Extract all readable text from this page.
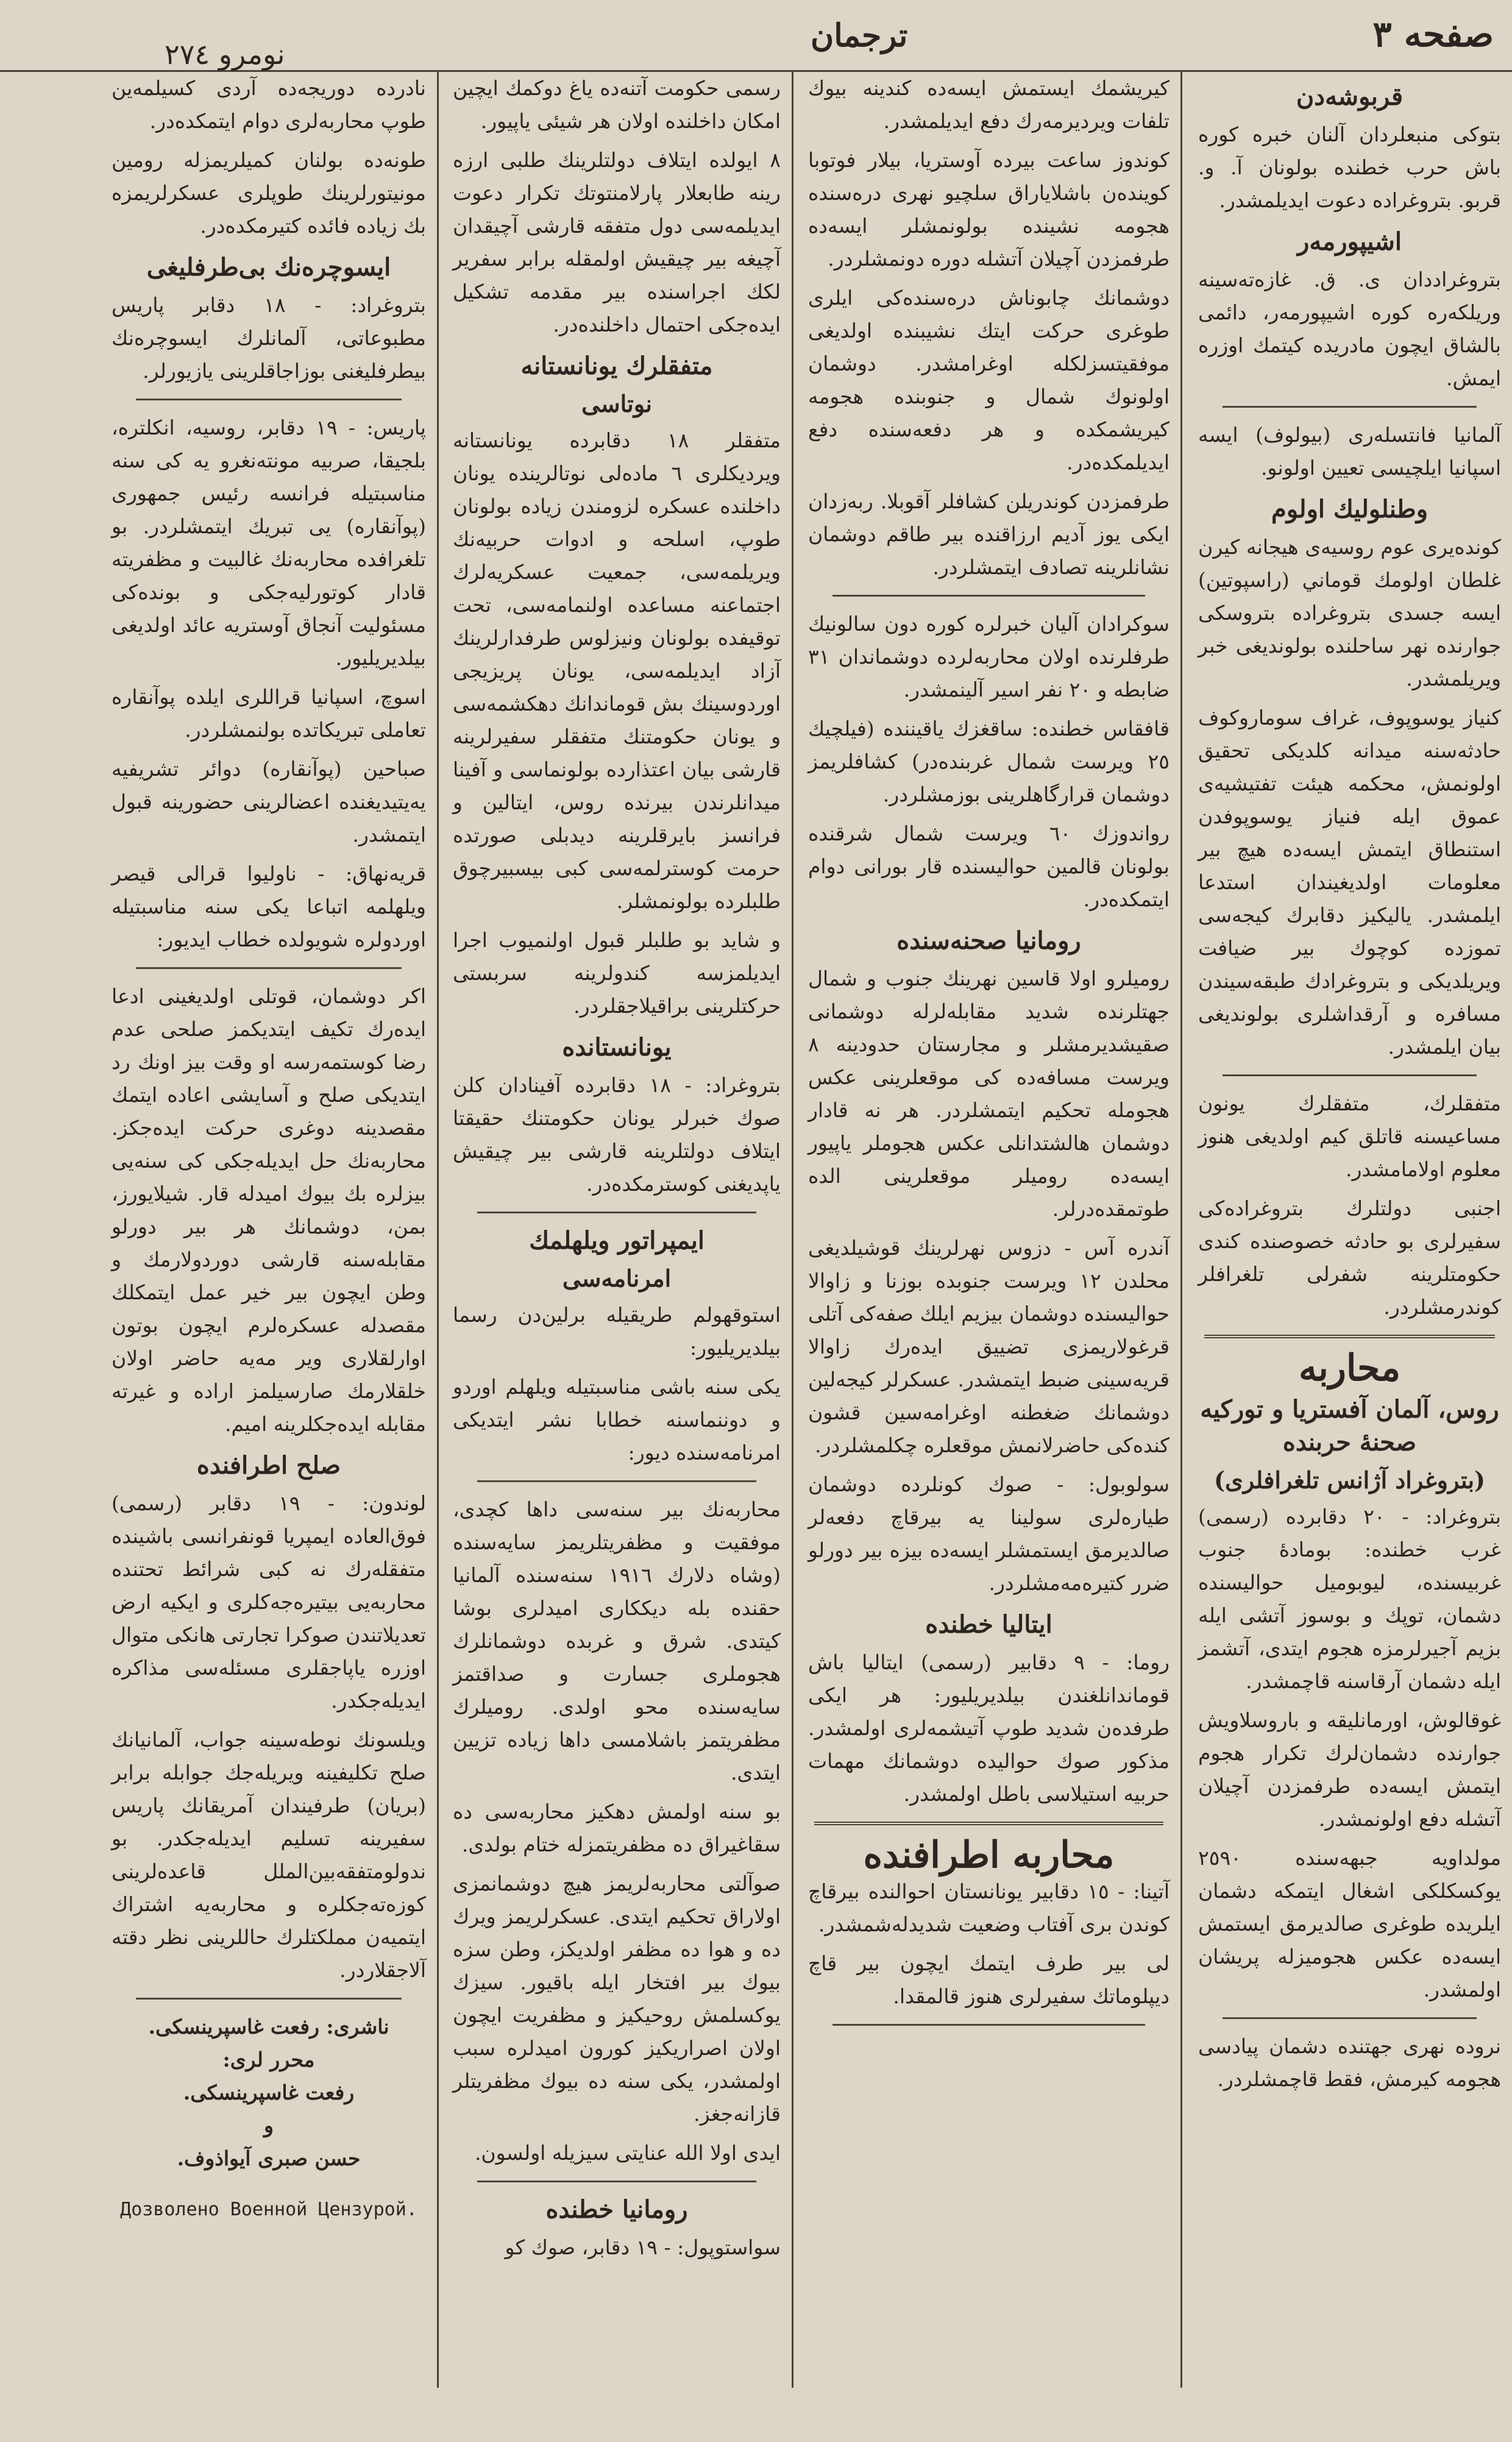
صفحه ٣
ترجمان
نومرو ٢٧٤
قربوشه‌دن

بتوكى منبعلردان آلنان خبره كوره باش حرب خطنده بولونان آ. و. قربو. بتروغراده دعوت ايديلمشدر.

اشيپورمه‌ر

بتروغراددان ى. ق. غازه‌ته‌سينه وريلكه‌ره كوره اشيپورمه‌ر، دائمى بالشاق ايچون مادريده كيتمك اوزره ايمش.

آلمانيا فانتسله‌رى (بيولوف) ايسه اسپانيا ايلچيسى تعيين اولونو.

وطنلوليك اولوم

كونده‌يرى عوم روسيه‌ى هيجانه كيرن غلطان اولومك قوماني (راسپوتين) ايسه جسدى بتروغراده بتروسكى جوارنده نهر ساحلنده بولونديغى خبر ويريلمشدر.

كنياز يوسوپوف، غراف سوماروكوف حادثه‌سنه ميدانه كلديكى تحقيق اولونمش، محكمه هيئت تفتيشيه‌ى عموق ايله فنياز يوسوپوفدن استنطاق ايتمش ايسه‌ده هيچ بير معلومات اولديغيندان استدعا ايلمشدر. ياليكيز دقابرك كيجه‌سى تموزده كوچوك بير ضيافت ويريلديكى و بتروغرادك طبقه‌سيندن مسافره و آرقداشلرى بولونديغى بيان ايلمشدر.

متفقلرك، متفقلرك يونون مساعيسنه قاتلق كيم اولديغى هنوز معلوم اولامامشدر.

اجنبى دولتلرك بتروغراده‌كى سفيرلرى بو حادثه خصوصنده كندى حكومتلرينه شفرلى تلغرافلر كوندرمشلردر.

محاربه
روس، آلمان آفستريا و توركيه صحنهٔ حربنده
(بتروغراد آژانس تلغرافلرى)

بتروغراد: - ٢٠ دقابرده (رسمى) غرب خطنده: بومادهٔ جنوب غربيسنده، ليوبوميل حواليسنده دشمان، توپك و بوسوز آتشى ايله بزيم آجيرلرمزه هجوم ايتدى، آتشمز ايله دشمان آرقاسنه قاچمشدر.

غوقالوش، اورمانليقه و باروسلاويش جوارنده دشمان‌لرك تكرار هجوم ايتمش ايسه‌ده طرفمزدن آچيلان آتشله دفع اولونمشدر.

مولداويه جبهه‌سنده ٢٥٩٠ يوكسكلكى اشغال ايتمكه دشمان ايلريده طوغرى صالديرمق ايستمش ايسه‌ده عكس هجوميزله پريشان اولمشدر.

نروده نهرى جهتنده دشمان پيادسى هجومه كيرمش، فقط قاچمشلردر.

كيريشمك ايستمش ايسه‌ده كندينه بيوك تلفات ويرديرمه‌رك دفع ايديلمشدر.

كوندوز ساعت بيرده آوستريا، بيلار فوتوبا كوينده‌ن باشلاياراق سلچيو نهرى دره‌سنده هجومه نشينده بولونمشلر ايسه‌ده طرفمزدن آچيلان آتشله دوره دونمشلردر.

دوشمانك چابوناش دره‌سنده‌كى ايلرى طوغرى حركت ايتك نشيبنده اولديغى موفقيتسزلكله اوغرامشدر. دوشمان اولونوك شمال و جنوبنده هجومه كيريشمكده و هر دفعه‌سنده دفع ايديلمكده‌در.

طرفمزدن كوندريلن كشافلر آقوبلا. ربه‌زدان ايكى يوز آديم ارزاقنده بير طاقم دوشمان نشانلرينه تصادف ايتمشلردر.

سوكرادان آليان خبرلره كوره دون سالونيك طرفلرنده اولان محاربه‌لرده دوشماندان ٣١ ضابطه و ٢٠ نفر اسير آلينمشدر.

قافقاس خطنده: ساقغزك ياقيننده (فيلچيك ٢٥ ويرست شمال غربنده‌در) كشافلريمز دوشمان قرارگاهلرينى بوزمشلردر.

رواندوزك ٦٠ ويرست شمال شرقنده بولونان قالمين حواليسنده قار بورانى دوام ايتمكده‌در.

رومانيا صحنه‌سنده

روميلرو اولا قاسين نهرينك جنوب و شمال جهتلرنده شديد مقابله‌لرله دوشمانى صقيشديرمشلر و مجارستان حدودينه ٨ ويرست مسافه‌ده كى موقعلرينى عكس هجومله تحكيم ايتمشلردر. هر نه قادار دوشمان هالشتدانلى عكس هجوملر ياپيور ايسه‌ده روميلر موقعلرينى الده طوتمقده‌درلر.

آندره آس - دزوس نهرلرينك قوشيلديغى محلدن ١٢ ويرست جنوبده بوزنا و زاوالا حواليسنده دوشمان بيزيم ايلك صفه‌كى آتلى قرغولاريمزى تضييق ايده‌رك زاوالا قريه‌سينى ضبط ايتمشدر. عسكرلر كيجه‌لين دوشمانك ضغطنه اوغرامه‌سين قشون كنده‌كى حاضرلانمش موقعلره چكلمشلردر.

سولوبول: - صوك كونلرده دوشمان طياره‌لرى سولينا يه بيرقاچ دفعه‌لر صالديرمق ايستمشلر ايسه‌ده بيزه بير دورلو ضرر كتيره‌مه‌مشلردر.

ايتاليا خطنده

روما: - ٩ دقابير (رسمى) ايتاليا باش قوماندانلغندن بيلديريليور: هر ايكى طرفده‌ن شديد طوپ آتيشمه‌لرى اولمشدر. مذكور صوك حواليده دوشمانك مهمات حربيه استيلاسى باطل اولمشدر.

محاربه اطرافنده

آتينا: - ١٥ دقابير يونانستان احوالنده بيرقاچ كوندن برى آفتاب وضعيت شديدله‌شمشدر.

لى بير طرف ايتمك ايچون بير قاچ ديپلوماتك سفيرلرى هنوز قالمقدا.

رسمى حكومت آتنه‌ده ياغ دوكمك ايچين امكان داخلنده اولان هر شيئى ياپيور.

٨ ايولده ايتلاف دولتلرينك طلبى ارزه رينه طابعلار پارلامنتوتك تكرار دعوت ايديلمه‌سى دول متفقه قارشى آچيقدان آچيغه بير چيقيش اولمقله برابر سفرير لكك اجراسنده بير مقدمه تشكيل ايده‌جكى احتمال داخلنده‌در.

متفقلرك يونانستانه
نوتاسى

متفقلر ١٨ دقابرده يونانستانه ويرديكلرى ٦ ماده‌لى نوتالرينده يونان داخلنده عسكره لزومندن زياده بولونان طوپ، اسلحه و ادوات حربيه‌نك ويريلمه‌سى، جمعيت عسكريه‌لرك اجتماعنه مساعده اولنمامه‌سى، تحت توقيفده بولونان ونيزلوس طرفدارلرينك آزاد ايديلمه‌سى، يونان پريزيجى اوردوسينك بش قوماندانك دهكشمه‌سى و يونان حكومتنك متفقلر سفيرلرينه قارشى بيان اعتذارده بولونماسى و آفينا ميدانلرندن بيرنده روس، ايتالين و فرانسز بايرقلرينه ديدبلى صورتده حرمت كوسترلمه‌سى كبى بيسبيرچوق طلبلرده بولونمشلر.

و شايد بو طلبلر قبول اولنميوب اجرا ايديلمزسه كندولرينه سربستى حركتلرينى براقيلاجقلردر.

يونانستانده

بتروغراد: - ١٨ دقابرده آفينادان كلن صوك خبرلر يونان حكومتنك حقيقتا ايتلاف دولتلرينه قارشى بير چيقيش ياپديغنى كوسترمكده‌در.

ايمپراتور ويلهلمك
امرنامه‌سى

استوقهولم طريقيله برلين‌دن رسما بيلديريليور:

يكى سنه باشى مناسبتيله ويلهلم اوردو و دوننماسنه خطابا نشر ايتديكى امرنامه‌سنده ديور:

محاربه‌نك بير سنه‌سى داها كچدى، موفقيت و مظفريتلريمز سايه‌سنده (وشاه دلارك ١٩١٦ سنه‌سنده آلمانيا حقنده بله ديككارى اميدلرى بوشا كيتدى. شرق و غربده دوشمانلرك هجوملرى جسارت و صداقتمز سايه‌سنده محو اولدى. روميلرك مظفريتمز باشلامسى داها زياده تزيين ايتدى.

بو سنه اولمش دهكيز محاربه‌سى ده سقاغيراق ده مظفريتمزله ختام بولدى.

صوآلتى محاربه‌لريمز هيچ دوشمانمزى اولاراق تحكيم ايتدى. عسكرلريمز ويرك ده و هوا ده مظفر اولديكز، وطن سزه بيوك بير افتخار ايله باقيور. سيزك يوكسلمش روحيكيز و مظفريت ايچون اولان اصراريكيز كورون اميدلره سبب اولمشدر، يكى سنه ده بيوك مظفريتلر قازانه‌جغز.

ايدى اولا الله عنايتى سيزيله اولسون.

رومانيا خطنده

سواستوپول: - ١٩ دقابر، صوك كو

نادرده دوريجه‌ده آردى كسيلمه‌ين طوپ محاربه‌لرى دوام ايتمكده‌در.

طونه‌ده بولنان كميلريمزله رومين مونيتورلرينك طوپلرى عسكرلريمزه بك زياده فائده كتيرمكده‌در.

ايسوچره‌نك بى‌طرفليغى

بتروغراد: - ١٨ دقابر پاريس مطبوعاتى، آلمانلرك ايسوچره‌نك بيطرفليغنى بوزاجاقلرينى يازيورلر.

پاريس: - ١٩ دقابر، روسيه، انكلتره، بلجيقا، صربيه مونته‌نغرو يه كى سنه مناسبتيله فرانسه رئيس جمهورى (پوآنقاره) يى تبريك ايتمشلردر. بو تلغرافده محاربه‌نك غالبيت و مظفريته قادار كوتورليه‌جكى و بونده‌كى مسئوليت آنجاق آوستريه عائد اولديغى بيلديريليور.

اسوچ، اسپانيا قراللرى ايلده پوآنقاره تعاملى تبريكاتده بولنمشلردر.

صباحين (پوآنقاره) دوائر تشريفيه يه‌يتيديغنده اعضالرينى حضورينه قبول ايتمشدر.

قريه‌نهاق: - ناوليوا قرالى قيصر ويلهلمه اتباعا يكى سنه مناسبتيله اوردولره شويولده خطاب ايديور:

اكر دوشمان، قوتلى اولديغينى ادعا ايده‌رك تكيف ايتديكمز صلحى عدم رضا كوستمه‌رسه او وقت بيز اونك رد ايتديكى صلح و آسايشى اعاده ايتمك مقصدينه دوغرى حركت ايده‌جكز. محاربه‌نك حل ايديله‌جكى كى سنه‌يى بيزلره بك بيوك اميدله قار. شيلايورز، بمن، دوشمانك هر بير دورلو مقابله‌سنه قارشى دوردولارمك و وطن ايچون بير خير عمل ايتمكلك مقصدله عسكره‌لرم ايچون بوتون اوارلقلارى وير مه‌يه حاضر اولان خلقلارمك صارسيلمز اراده و غيرته مقابله ايده‌جكلرينه اميم.

صلح اطرافنده

لوندون: - ١٩ دقابر (رسمى) فوق‌العاده ايمپريا قونفرانسى باشينده متفقله‌رك نه كبى شرائط تحتنده محاربه‌يى بيتيره‌جه‌كلرى و ايكيه ارض تعديلاتندن صوكرا تجارتى هانكى متوال اوزره ياپاجقلرى مسئله‌سى مذاكره ايديله‌جكدر.

ويلسونك نوطه‌سينه جواب، آلمانيانك صلح تكليفينه ويريله‌جك جوابله برابر (بريان) طرفيندان آمريقانك پاريس سفيرينه تسليم ايديله‌جكدر. بو ندولومتفقه‌بين‌الملل قاعده‌لرينى كوزه‌ته‌جكلره و محاربه‌يه اشتراك ايتميه‌ن مملكتلرك حاللرينى نظر دقته آلاجقلاردر.

ناشرى: رفعت غاسپرينسكى.
محرر لرى:
رفعت غاسپرينسكى.
و
حسن صبرى آيواذوف.
Дозволено Военной Цензурой.
